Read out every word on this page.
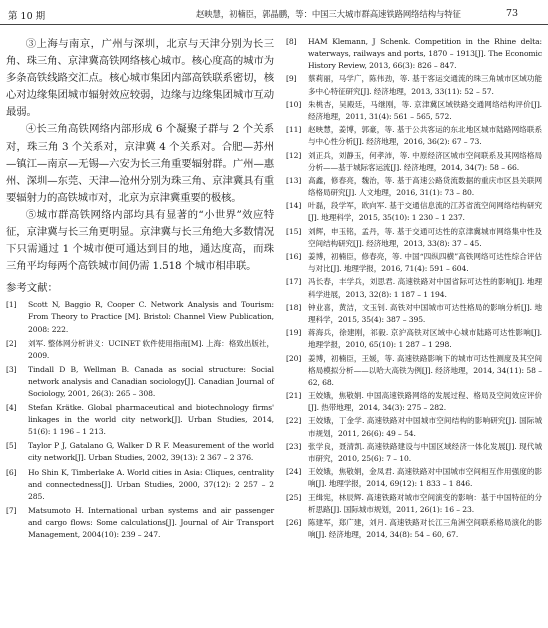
第 10 期	赵映慧，初楠臣，郭晶鹏，等：中国三大城市群高速铁路网络结构与特征	73

③上海与南京，广州与深圳，北京与天津分别为长三角、珠三角、京津冀高铁网络核心城市。核心度高的城市为多条高铁线路交汇点。核心城市集团内部高铁联系密切，核心对边缘集团城市辐射效应较弱，边缘与边缘集团城市互动最弱。

④长三角高铁网络内部形成 6 个凝聚子群与 2 个关系对，珠三角 3 个关系对，京津冀 4 个关系对。合肥—苏州—镇江—南京—无锡—六安为长三角重要辐射群。广州—惠州、深圳—东莞、天津—沧州分别为珠三角、京津冀具有重要辐射力的高铁城市对，北京为京津冀重要的极核。

⑤城市群高铁网络内部均具有显著的“小世界”效应特征，京津冀与长三角更明显。京津冀与长三角绝大多数情况下只需通过 1 个城市便可通达到目的地，通达度高，而珠三角平均每两个高铁城市间仍需 1.518 个城市相串联。

参考文献：
[1]	Scott N, Baggio R, Cooper C. Network Analysis and Tourism: From Theory to Practice [M]. Bristol: Channel View Publication, 2008: 222.
[2]	刘军. 整体网分析讲义：UCINET 软件使用指南[M]. 上海：格致出版社，2009.
[3]	Tindall D B, Wellman B. Canada as social structure: Social network analysis and Canadian sociology[J]. Canadian Journal of Sociology, 2001, 26(3): 265 – 308.
[4]	Stefan Krätke. Global pharmaceutical and biotechnology firms' linkages in the world city network[J]. Urban Studies, 2014, 51(6): 1 196 – 1 213.
[5]	Taylor P J, Gatalano G, Walker D R F. Measurement of the world city network[J]. Urban Studies, 2002, 39(13): 2 367 – 2 376.
[6]	Ho Shin K, Timberlake A. World cities in Asia: Cliques, centrality and connectedness[J]. Urban Studies, 2000, 37(12): 2 257 – 2 285.
[7]	Matsumoto H. International urban systems and air passenger and cargo flows: Some calculations[J]. Journal of Air Transport Management, 2004(10): 239 – 247.
[8]	HAM Klemann, J Schenk. Competition in the Rhine delta: waterways, railways and ports, 1870 – 1913[J]. The Economic History Review, 2013, 66(3): 826 – 847.
[9]	蔡莉丽，马学广，陈伟劲，等. 基于客运交通流的珠三角城市区域功能多中心特征研究[J]. 经济地理，2013, 33(11): 52 – 57.
[10] 朱桃杏，吴殿廷，马继刚，等. 京津冀区域铁路交通网络结构评价[J]. 经济地理，2011, 31(4): 561 – 565, 572.
[11] 赵映慧，姜博，郭豪，等. 基于公共客运的东北地区城市陆路网络联系与中心性分析[J]. 经济地理，2016, 36(2): 67 – 73.
[12] 刘正兵，刘静玉，何孝沛，等. 中原经济区城市空间联系及其网络格局分析——基于城际客运流[J]. 经济地理，2014, 34(7): 58 – 66.
[13] 高鑫，修春亮，魏治，等. 基于高速公路货流数据的重庆市区县关联网络格局研究[J]. 人文地理，2016, 31(1): 73 – 80.
[14] 叶磊，段学军，欧向军. 基于交通信息流的江苏省流空间网络结构研究[J]. 地理科学，2015, 35(10): 1 230 – 1 237.
[15] 刘辉，申玉铭，孟丹，等. 基于交通可达性的京津冀城市网络集中性及空间结构研究[J]. 经济地理，2013, 33(8): 37 – 45.
[16] 姜博，初楠臣，修春亮，等. 中国“四纵四横”高铁网络可达性综合评估与对比[J]. 地理学报，2016, 71(4): 591 – 604.
[17] 冯长春，丰学兵，刘思君. 高速铁路对中国省际可达性的影响[J]. 地理科学进展，2013, 32(8): 1 187 – 1 194.
[18] 钟业喜，黄洁，文玉钊. 高铁对中国城市可达性格局的影响分析[J]. 地理科学，2015, 35(4): 387 – 395.
[19] 蒋海兵，徐建刚，祁毅. 京沪高铁对区域中心城市陆路可达性影响[J]. 地理学报，2010, 65(10): 1 287 – 1 298.
[20] 姜博，初楠臣，王媛，等. 高速铁路影响下的城市可达性测度及其空间格局模拟分析——以哈大高铁为例[J]. 经济地理，2014, 34(11): 58 – 62, 68.
[21] 王姣娥，焦敬娟. 中国高速铁路网络的发展过程、格局及空间效应评价[J]. 热带地理，2014, 34(3): 275 – 282.
[22] 王姣娥，丁金学. 高速铁路对中国城市空间结构的影响研究[J]. 国际城市规划，2011, 26(6): 49 – 54.
[23] 张学良，聂清凯. 高速铁路建设与中国区域经济一体化发展[J]. 现代城市研究，2010, 25(6): 7 – 10.
[24] 王姣娥，焦敬娟，金凤君. 高速铁路对中国城市空间相互作用强度的影响[J]. 地理学报，2014, 69(12): 1 833 – 1 846.
[25] 王缉宪，林辰辉. 高速铁路对城市空间演变的影响：基于中国特征的分析思路[J]. 国际城市规划，2011, 26(1): 16 – 23.
[26] 陈建军，郑广建，刘月. 高速铁路对长江三角洲空间联系格局演化的影响[J]. 经济地理，2014, 34(8): 54 – 60, 67.
